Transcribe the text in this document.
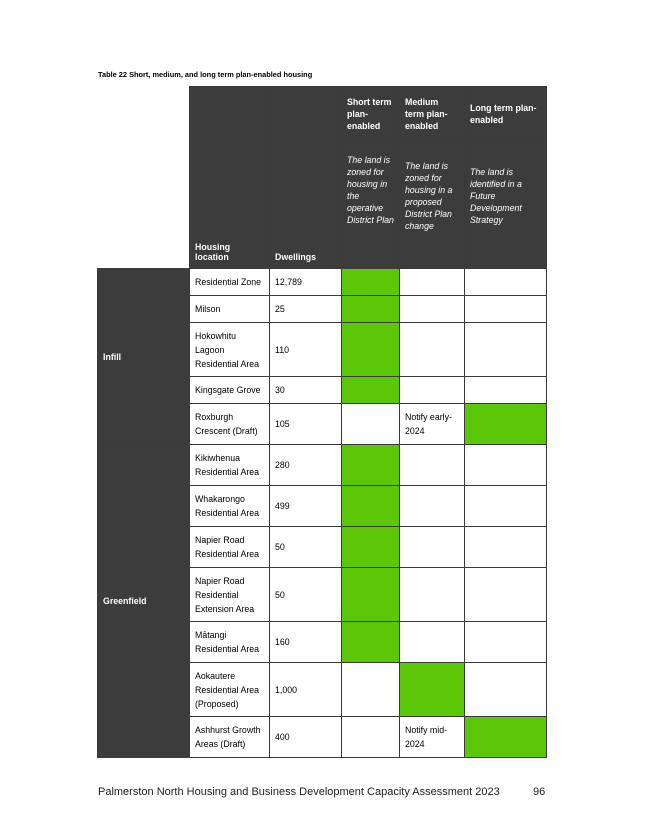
Table 22 Short, medium, and long term plan-enabled housing
	Housing location	Dwellings	Short term plan-enabled	Medium term plan-enabled	Long term plan-enabled
			The land is zoned for housing in the operative District Plan	The land is zoned for housing in a proposed District Plan change	The land is identified in a Future Development Strategy
Infill	Residential Zone	12,789			
	Milson	25			
	Hokowhitu Lagoon Residential Area	110			
	Kingsgate Grove	30			
	Roxburgh Crescent (Draft)	105		Notify early-2024	
Greenfield	Kikiwhenua Residential Area	280			
	Whakarongo Residential Area	499			
	Napier Road Residential Area	50			
	Napier Road Residential Extension Area	50			
	Mātangi Residential Area	160			
	Aokautere Residential Area (Proposed)	1,000			
	Ashhurst Growth Areas (Draft)	400		Notify mid-2024	
Palmerston North Housing and Business Development Capacity Assessment 2023	96
